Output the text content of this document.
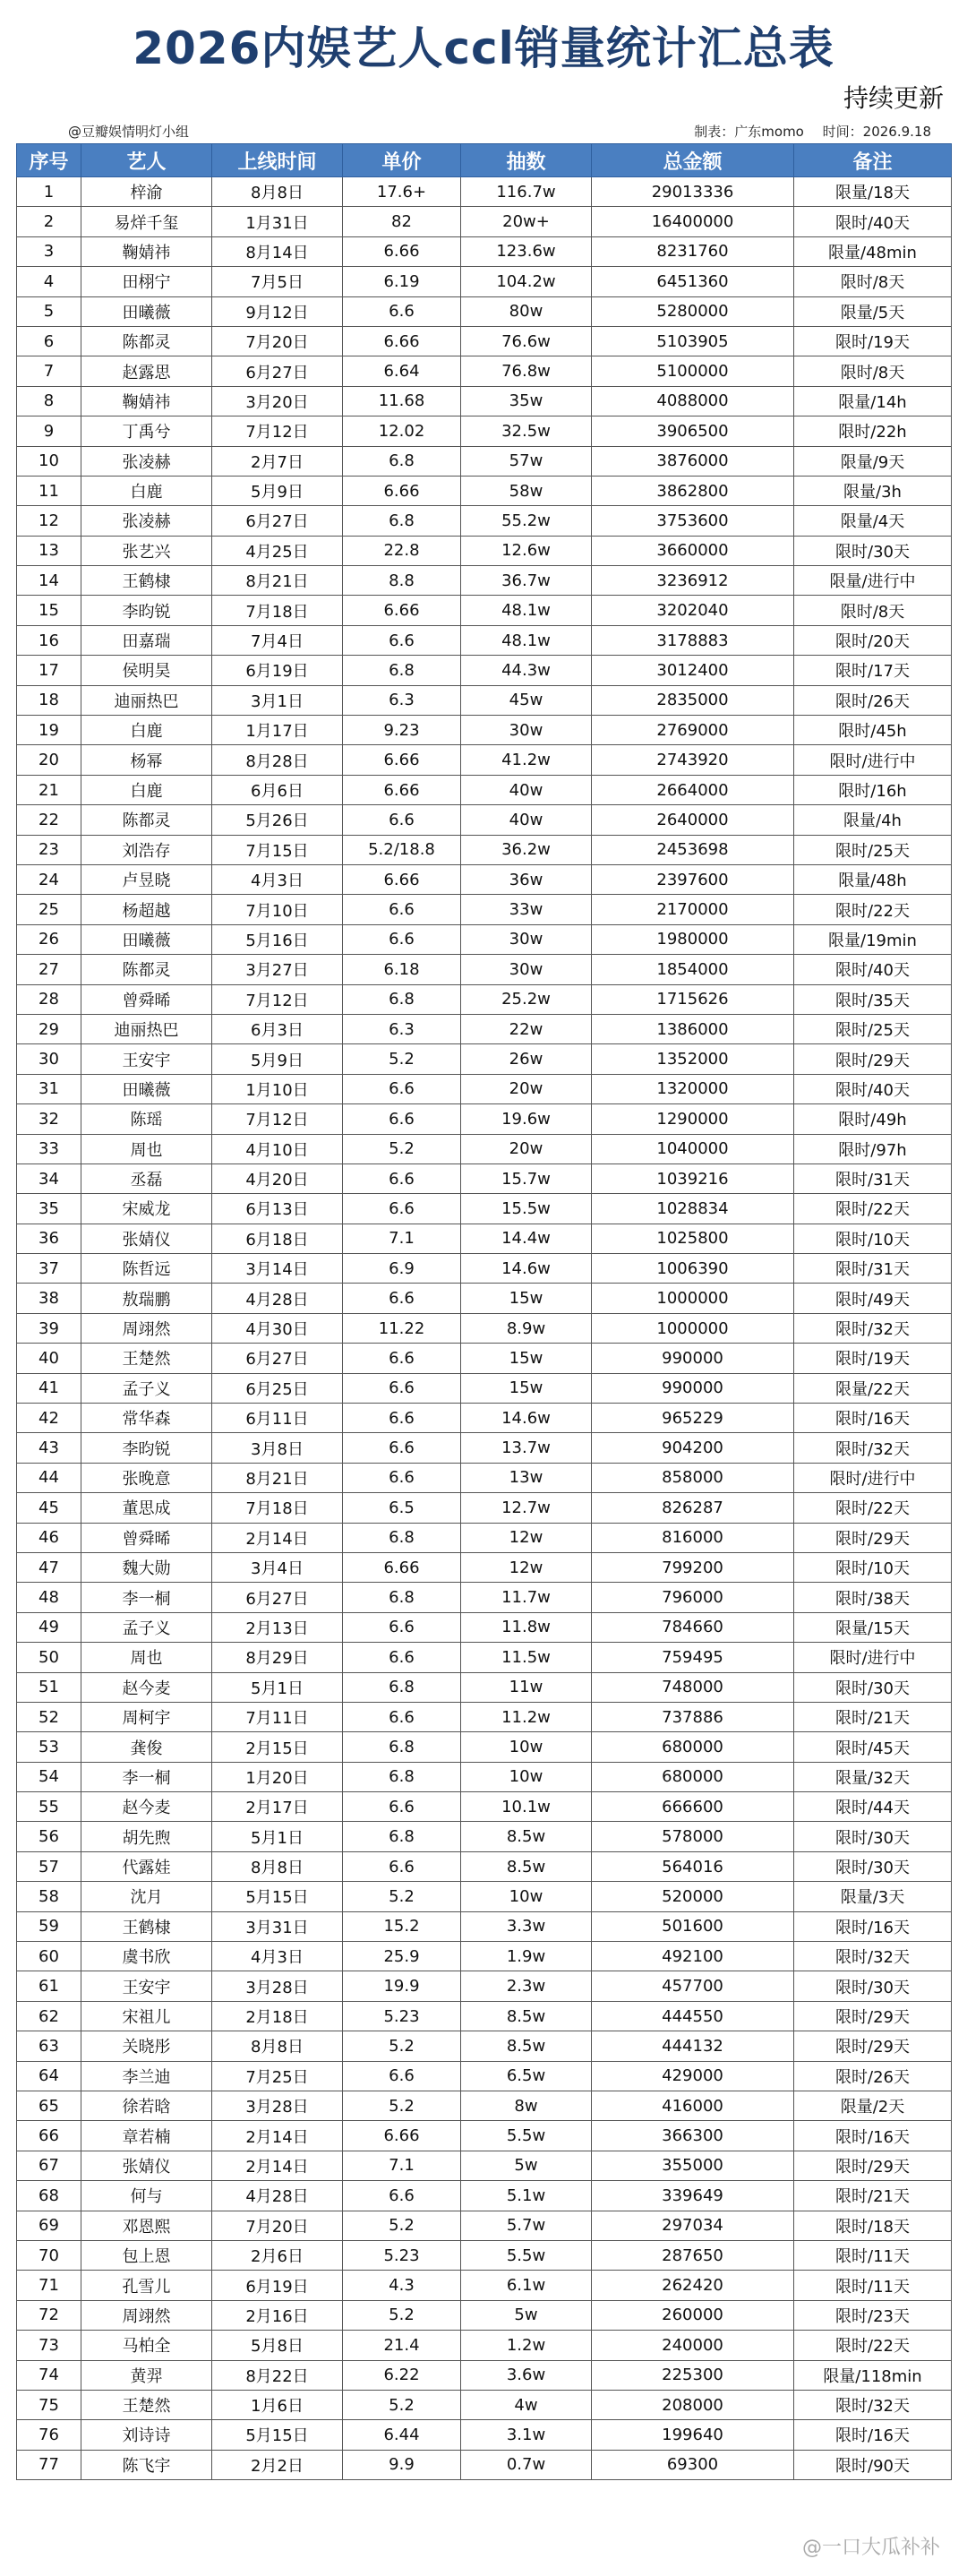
2026内娱艺人ccl销量统计汇总表
持续更新
@豆瓣娱情明灯小组	制表：广东momo 时间：2026.9.18
序号	艺人	上线时间	单价	抽数	总金额	备注
1	梓渝	8月8日	17.6+	116.7w	29013336	限量/18天
2	易烊千玺	1月31日	82	20w+	16400000	限时/40天
3	鞠婧祎	8月14日	6.66	123.6w	8231760	限量/48min
4	田栩宁	7月5日	6.19	104.2w	6451360	限时/8天
5	田曦薇	9月12日	6.6	80w	5280000	限量/5天
6	陈都灵	7月20日	6.66	76.6w	5103905	限时/19天
7	赵露思	6月27日	6.64	76.8w	5100000	限时/8天
8	鞠婧祎	3月20日	11.68	35w	4088000	限量/14h
9	丁禹兮	7月12日	12.02	32.5w	3906500	限时/22h
10	张凌赫	2月7日	6.8	57w	3876000	限量/9天
11	白鹿	5月9日	6.66	58w	3862800	限量/3h
12	张凌赫	6月27日	6.8	55.2w	3753600	限量/4天
13	张艺兴	4月25日	22.8	12.6w	3660000	限时/30天
14	王鹤棣	8月21日	8.8	36.7w	3236912	限量/进行中
15	李昀锐	7月18日	6.66	48.1w	3202040	限时/8天
16	田嘉瑞	7月4日	6.6	48.1w	3178883	限时/20天
17	侯明昊	6月19日	6.8	44.3w	3012400	限时/17天
18	迪丽热巴	3月1日	6.3	45w	2835000	限时/26天
19	白鹿	1月17日	9.23	30w	2769000	限时/45h
20	杨幂	8月28日	6.66	41.2w	2743920	限时/进行中
21	白鹿	6月6日	6.66	40w	2664000	限时/16h
22	陈都灵	5月26日	6.6	40w	2640000	限量/4h
23	刘浩存	7月15日	5.2/18.8	36.2w	2453698	限时/25天
24	卢昱晓	4月3日	6.66	36w	2397600	限量/48h
25	杨超越	7月10日	6.6	33w	2170000	限时/22天
26	田曦薇	5月16日	6.6	30w	1980000	限量/19min
27	陈都灵	3月27日	6.18	30w	1854000	限时/40天
28	曾舜晞	7月12日	6.8	25.2w	1715626	限时/35天
29	迪丽热巴	6月3日	6.3	22w	1386000	限时/25天
30	王安宇	5月9日	5.2	26w	1352000	限时/29天
31	田曦薇	1月10日	6.6	20w	1320000	限时/40天
32	陈瑶	7月12日	6.6	19.6w	1290000	限时/49h
33	周也	4月10日	5.2	20w	1040000	限时/97h
34	丞磊	4月20日	6.6	15.7w	1039216	限时/31天
35	宋威龙	6月13日	6.6	15.5w	1028834	限时/22天
36	张婧仪	6月18日	7.1	14.4w	1025800	限时/10天
37	陈哲远	3月14日	6.9	14.6w	1006390	限时/31天
38	敖瑞鹏	4月28日	6.6	15w	1000000	限时/49天
39	周翊然	4月30日	11.22	8.9w	1000000	限时/32天
40	王楚然	6月27日	6.6	15w	990000	限时/19天
41	孟子义	6月25日	6.6	15w	990000	限量/22天
42	常华森	6月11日	6.6	14.6w	965229	限时/16天
43	李昀锐	3月8日	6.6	13.7w	904200	限时/32天
44	张晚意	8月21日	6.6	13w	858000	限时/进行中
45	董思成	7月18日	6.5	12.7w	826287	限时/22天
46	曾舜晞	2月14日	6.8	12w	816000	限时/29天
47	魏大勋	3月4日	6.66	12w	799200	限时/10天
48	李一桐	6月27日	6.8	11.7w	796000	限时/38天
49	孟子义	2月13日	6.6	11.8w	784660	限量/15天
50	周也	8月29日	6.6	11.5w	759495	限时/进行中
51	赵今麦	5月1日	6.8	11w	748000	限时/30天
52	周柯宇	7月11日	6.6	11.2w	737886	限时/21天
53	龚俊	2月15日	6.8	10w	680000	限时/45天
54	李一桐	1月20日	6.8	10w	680000	限量/32天
55	赵今麦	2月17日	6.6	10.1w	666600	限时/44天
56	胡先煦	5月1日	6.8	8.5w	578000	限时/30天
57	代露娃	8月8日	6.6	8.5w	564016	限时/30天
58	沈月	5月15日	5.2	10w	520000	限量/3天
59	王鹤棣	3月31日	15.2	3.3w	501600	限时/16天
60	虞书欣	4月3日	25.9	1.9w	492100	限时/32天
61	王安宇	3月28日	19.9	2.3w	457700	限时/30天
62	宋祖儿	2月18日	5.23	8.5w	444550	限时/29天
63	关晓彤	8月8日	5.2	8.5w	444132	限时/29天
64	李兰迪	7月25日	6.6	6.5w	429000	限时/26天
65	徐若晗	3月28日	5.2	8w	416000	限量/2天
66	章若楠	2月14日	6.66	5.5w	366300	限时/16天
67	张婧仪	2月14日	7.1	5w	355000	限时/29天
68	何与	4月28日	6.6	5.1w	339649	限时/21天
69	邓恩熙	7月20日	5.2	5.7w	297034	限时/18天
70	包上恩	2月6日	5.23	5.5w	287650	限时/11天
71	孔雪儿	6月19日	4.3	6.1w	262420	限时/11天
72	周翊然	2月16日	5.2	5w	260000	限时/23天
73	马柏全	5月8日	21.4	1.2w	240000	限时/22天
74	黄羿	8月22日	6.22	3.6w	225300	限量/118min
75	王楚然	1月6日	5.2	4w	208000	限时/32天
76	刘诗诗	5月15日	6.44	3.1w	199640	限时/16天
77	陈飞宇	2月2日	9.9	0.7w	69300	限时/90天
@一口大瓜补补
